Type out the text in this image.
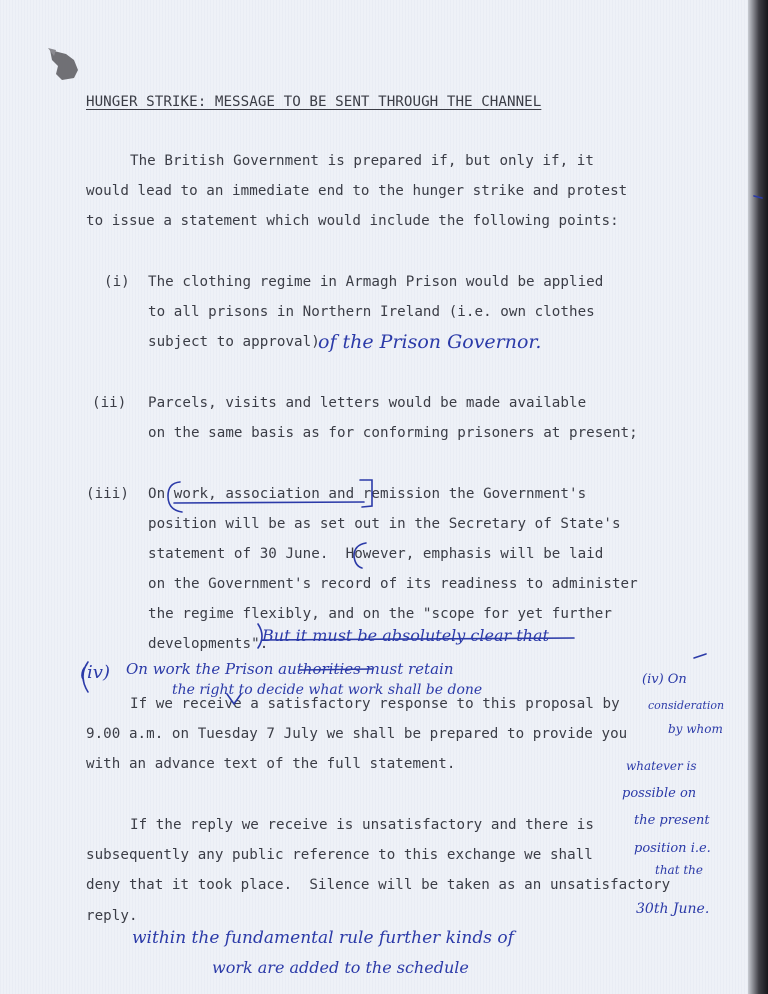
HUNGER STRIKE: MESSAGE TO BE SENT THROUGH THE CHANNEL
The British Government is prepared if, but only if, it
would lead to an immediate end to the hunger strike and protest
to issue a statement which would include the following points:
(i) The clothing regime in Armagh Prison would be applied
to all prisons in Northern Ireland (i.e. own clothes
subject to approval)
(ii) Parcels, visits and letters would be made available
on the same basis as for conforming prisoners at present;
(iii) On work, association and remission the Government's
position will be as set out in the Secretary of State's
statement of 30 June.  However, emphasis will be laid
on the Government's record of its readiness to administer
the regime flexibly, and on the "scope for yet further
developments".
If we receive a satisfactory response to this proposal by
9.00 a.m. on Tuesday 7 July we shall be prepared to provide you
with an advance text of the full statement.
If the reply we receive is unsatisfactory and there is
subsequently any public reference to this exchange we shall
deny that it took place.  Silence will be taken as an unsatisfactory
reply.
of the Prison Governor.
But it must be absolutely clear that
(iv) On work the Prison authorities must retain
the right to decide what work shall be done
(iv) On
consideration
by whom
whatever is
possible on
the present
position i.e.
that the
30th June.
within the fundamental rule further kinds of
work are added to the schedule
